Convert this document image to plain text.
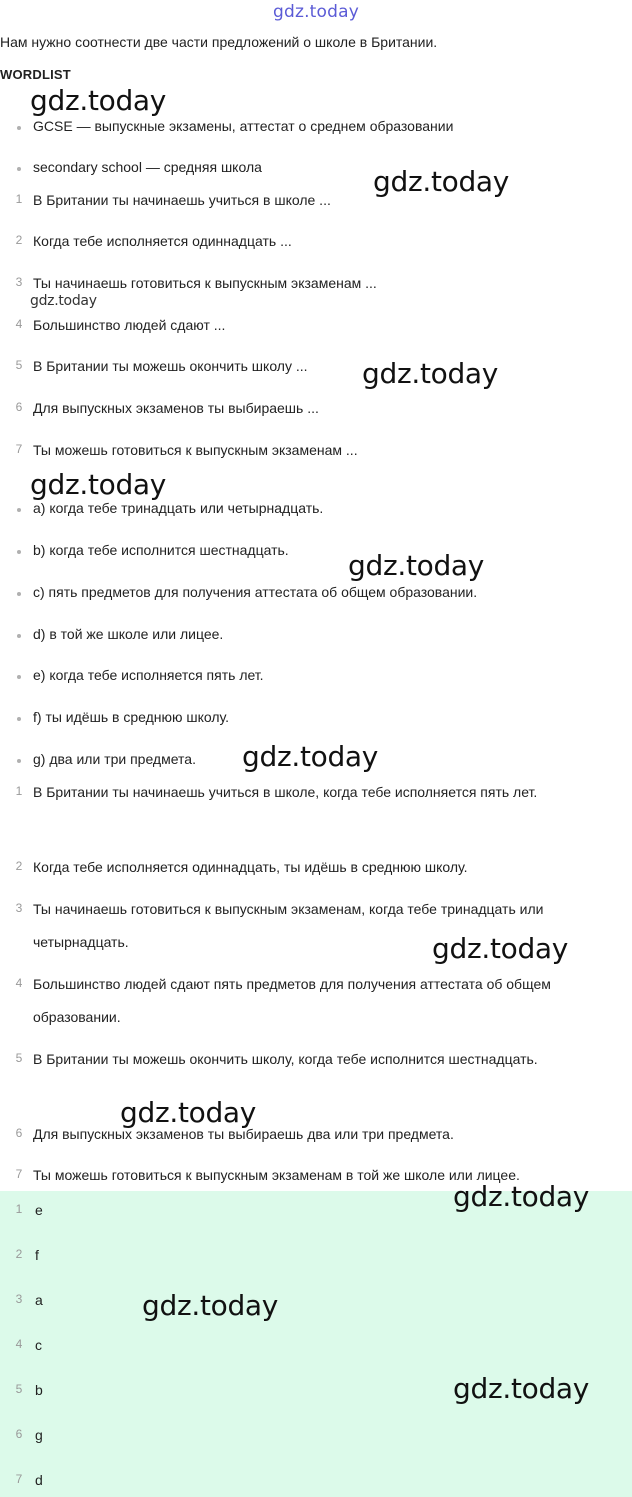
gdz.today
Нам нужно соотнести две части предложений о школе в Британии.
WORDLIST
GCSE — выпускные экзамены, аттестат о среднем образовании
secondary school — средняя школа
1 В Британии ты начинаешь учиться в школе ...
2 Когда тебе исполняется одиннадцать ...
3 Ты начинаешь готовиться к выпускным экзаменам ...
4 Большинство людей сдают ...
5 В Британии ты можешь окончить школу ...
6 Для выпускных экзаменов ты выбираешь ...
7 Ты можешь готовиться к выпускным экзаменам ...
a) когда тебе тринадцать или четырнадцать.
b) когда тебе исполнится шестнадцать.
c) пять предметов для получения аттестата об общем образовании.
d) в той же школе или лицее.
e) когда тебе исполняется пять лет.
f) ты идёшь в среднюю школу.
g) два или три предмета.
1 В Британии ты начинаешь учиться в школе, когда тебе исполняется пять лет.
2 Когда тебе исполняется одиннадцать, ты идёшь в среднюю школу.
3 Ты начинаешь готовиться к выпускным экзаменам, когда тебе тринадцать или четырнадцать.
4 Большинство людей сдают пять предметов для получения аттестата об общем образовании.
5 В Британии ты можешь окончить школу, когда тебе исполнится шестнадцать.
6 Для выпускных экзаменов ты выбираешь два или три предмета.
7 Ты можешь готовиться к выпускным экзаменам в той же школе или лицее.
1 e
2 f
3 a
4 c
5 b
6 g
7 d
gdz.today
gdz.today
gdz.today
gdz.today
gdz.today
gdz.today
gdz.today
gdz.today
gdz.today
gdz.today
gdz.today
gdz.today
